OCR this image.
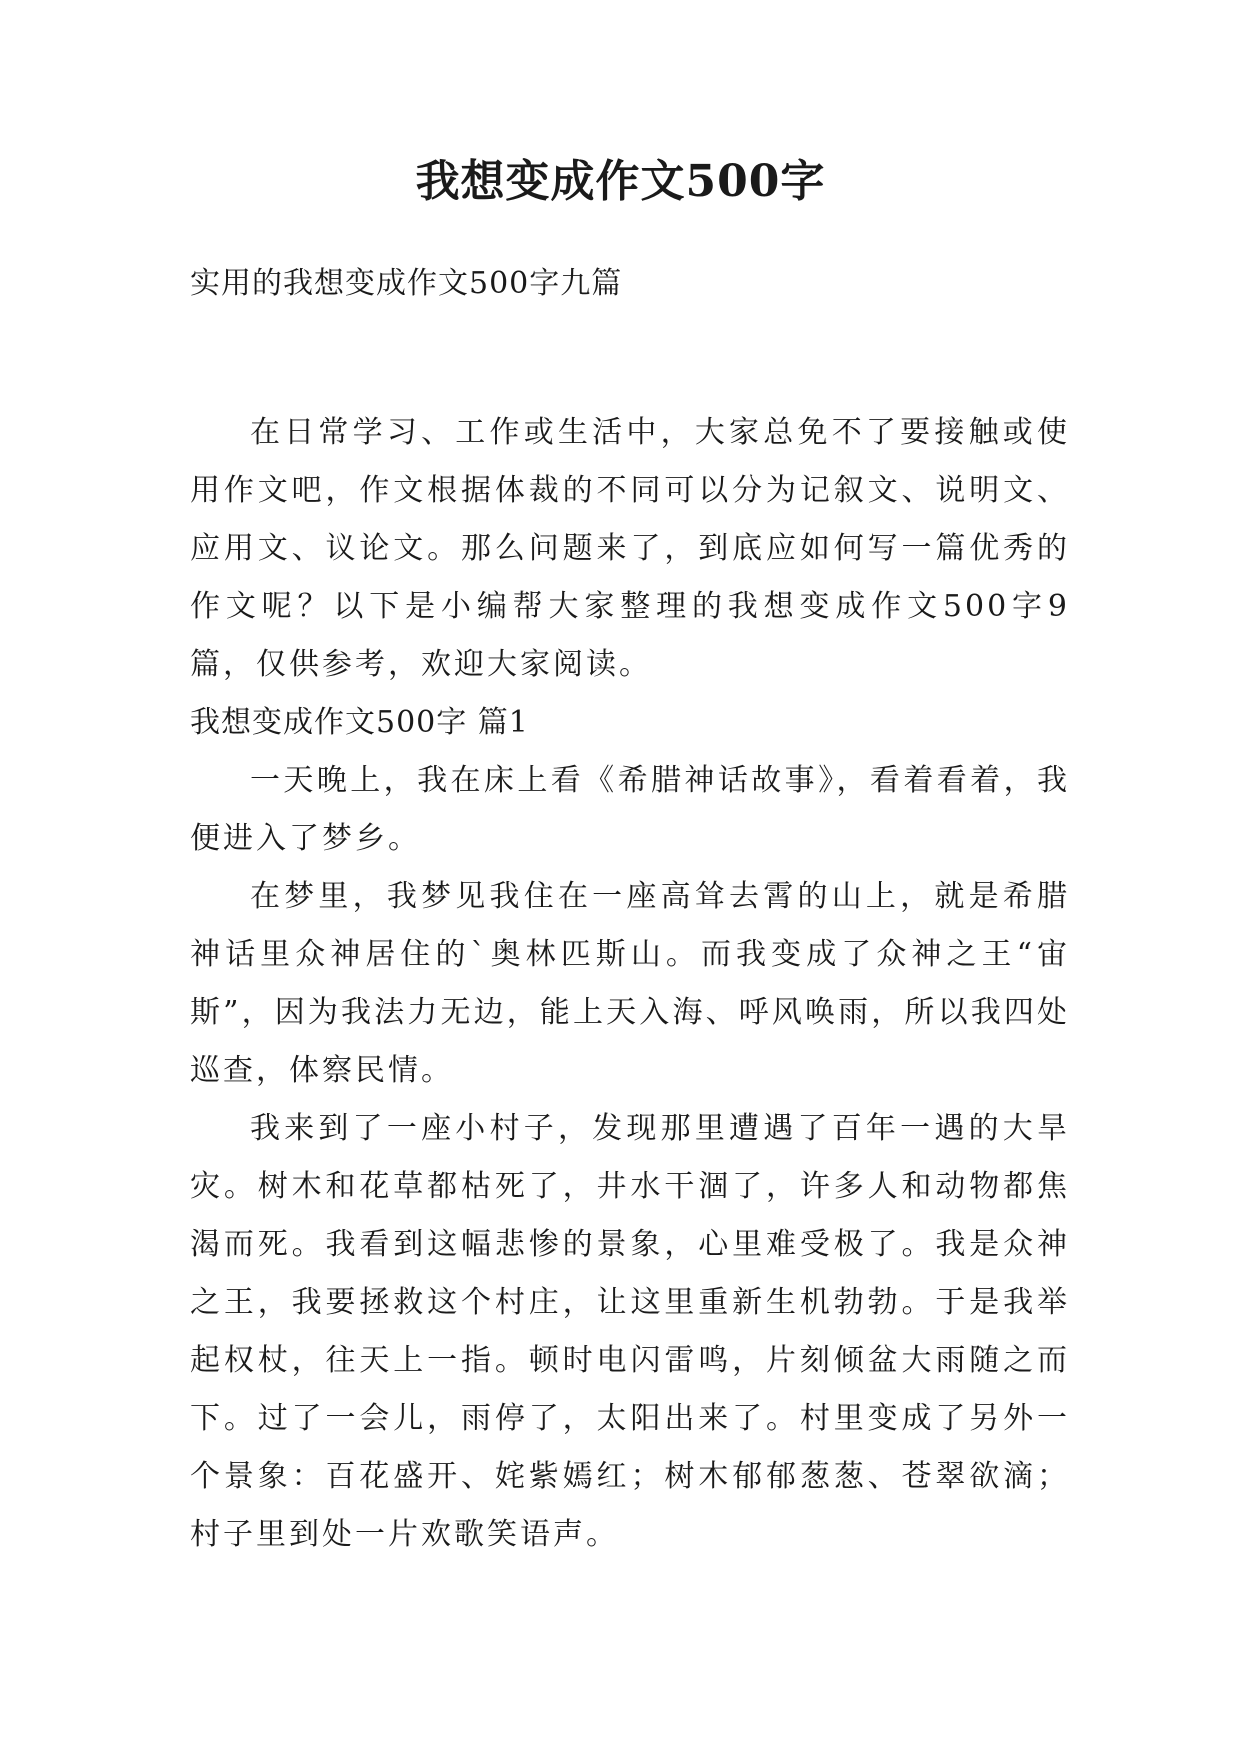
我想变成作文500字
实用的我想变成作文500字九篇

在日常学习、工作或生活中，大家总免不了要接触或使用作文吧，作文根据体裁的不同可以分为记叙文、说明文、应用文、议论文。那么问题来了，到底应如何写一篇优秀的作文呢？以下是小编帮大家整理的我想变成作文500字9篇，仅供参考，欢迎大家阅读。

我想变成作文500字 篇1

一天晚上，我在床上看《希腊神话故事》，看着看着，我便进入了梦乡。

在梦里，我梦见我住在一座高耸去霄的山上，就是希腊神话里众神居住的`奥林匹斯山。而我变成了众神之王“宙斯”，因为我法力无边，能上天入海、呼风唤雨，所以我四处巡查，体察民情。

我来到了一座小村子，发现那里遭遇了百年一遇的大旱灾。树木和花草都枯死了，井水干涸了，许多人和动物都焦渴而死。我看到这幅悲惨的景象，心里难受极了。我是众神之王，我要拯救这个村庄，让这里重新生机勃勃。于是我举起权杖，往天上一指。顿时电闪雷鸣，片刻倾盆大雨随之而下。过了一会儿，雨停了，太阳出来了。村里变成了另外一个景象：百花盛开、姹紫嫣红；树木郁郁葱葱、苍翠欲滴；村子里到处一片欢歌笑语声。
